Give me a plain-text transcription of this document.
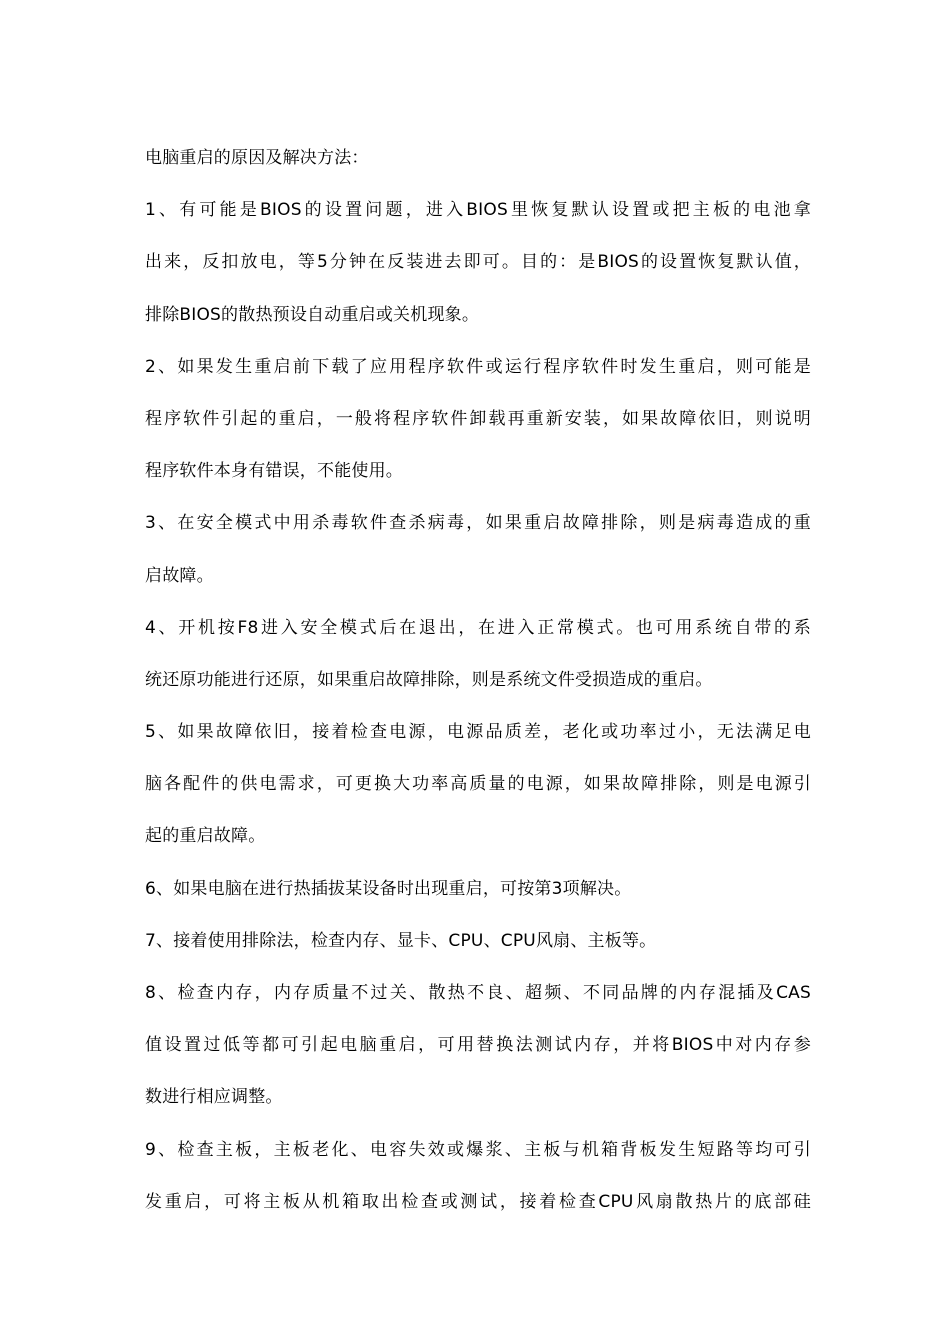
电脑重启的原因及解决方法：
1、有可能是BIOS的设置问题，进入BIOS里恢复默认设置或把主板的电池拿
出来，反扣放电，等5分钟在反装进去即可。目的：是BIOS的设置恢复默认值，
排除BIOS的散热预设自动重启或关机现象。
2、如果发生重启前下载了应用程序软件或运行程序软件时发生重启，则可能是
程序软件引起的重启，一般将程序软件卸载再重新安装，如果故障依旧，则说明
程序软件本身有错误，不能使用。
3、在安全模式中用杀毒软件查杀病毒，如果重启故障排除，则是病毒造成的重
启故障。
4、开机按F8进入安全模式后在退出，在进入正常模式。也可用系统自带的系
统还原功能进行还原，如果重启故障排除，则是系统文件受损造成的重启。
5、如果故障依旧，接着检查电源，电源品质差，老化或功率过小，无法满足电
脑各配件的供电需求，可更换大功率高质量的电源，如果故障排除，则是电源引
起的重启故障。
6、如果电脑在进行热插拔某设备时出现重启，可按第3项解决。
7、接着使用排除法，检查内存、显卡、CPU、CPU风扇、主板等。
8、检查内存，内存质量不过关、散热不良、超频、不同品牌的内存混插及CAS
值设置过低等都可引起电脑重启，可用替换法测试内存，并将BIOS中对内存参
数进行相应调整。
9、检查主板，主板老化、电容失效或爆浆、主板与机箱背板发生短路等均可引
发重启，可将主板从机箱取出检查或测试，接着检查CPU风扇散热片的底部硅
